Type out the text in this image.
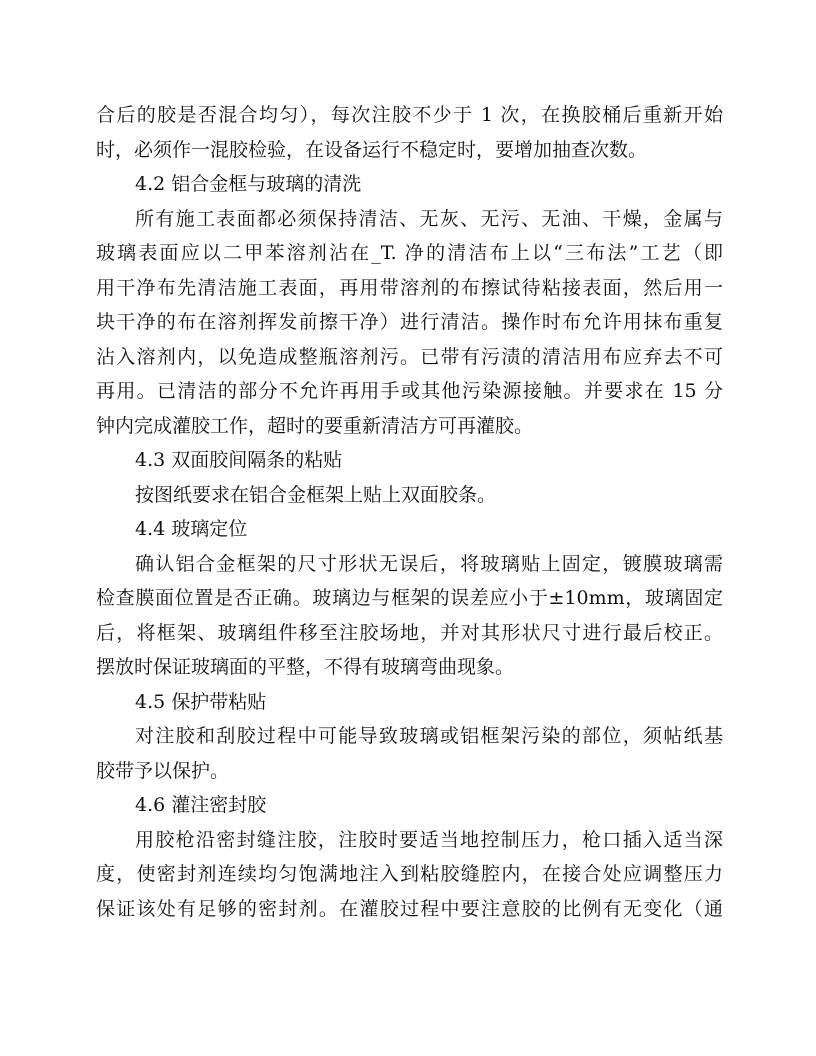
合后的胶是否混合均匀），每次注胶不少于 1 次，在换胶桶后重新开始
时，必须作一混胶检验，在设备运行不稳定时，要增加抽查次数。
4.2 铝合金框与玻璃的清洗
所有施工表面都必须保持清洁、无灰、无污、无油、干燥，金属与
玻璃表面应以二甲苯溶剂沾在_T. 净的清洁布上以“三布法”工艺（即
用干净布先清洁施工表面，再用带溶剂的布擦试待粘接表面，然后用一
块干净的布在溶剂挥发前擦干净）进行清洁。操作时布允许用抹布重复
沾入溶剂内，以免造成整瓶溶剂污。已带有污渍的清洁用布应弃去不可
再用。已清洁的部分不允许再用手或其他污染源接触。并要求在 15 分
钟内完成灌胶工作，超时的要重新清洁方可再灌胶。
4.3 双面胶间隔条的粘贴
按图纸要求在铝合金框架上贴上双面胶条。
4.4 玻璃定位
确认铝合金框架的尺寸形状无误后，将玻璃贴上固定，镀膜玻璃需
检查膜面位置是否正确。玻璃边与框架的误差应小于±10mm，玻璃固定
后，将框架、玻璃组件移至注胶场地，并对其形状尺寸进行最后校正。
摆放时保证玻璃面的平整，不得有玻璃弯曲现象。
4.5 保护带粘贴
对注胶和刮胶过程中可能导致玻璃或铝框架污染的部位，须帖纸基
胶带予以保护。
4.6 灌注密封胶
用胶枪沿密封缝注胶，注胶时要适当地控制压力，枪口插入适当深
度，使密封剂连续均匀饱满地注入到粘胶缝腔内，在接合处应调整压力
保证该处有足够的密封剂。在灌胶过程中要注意胶的比例有无变化（通
